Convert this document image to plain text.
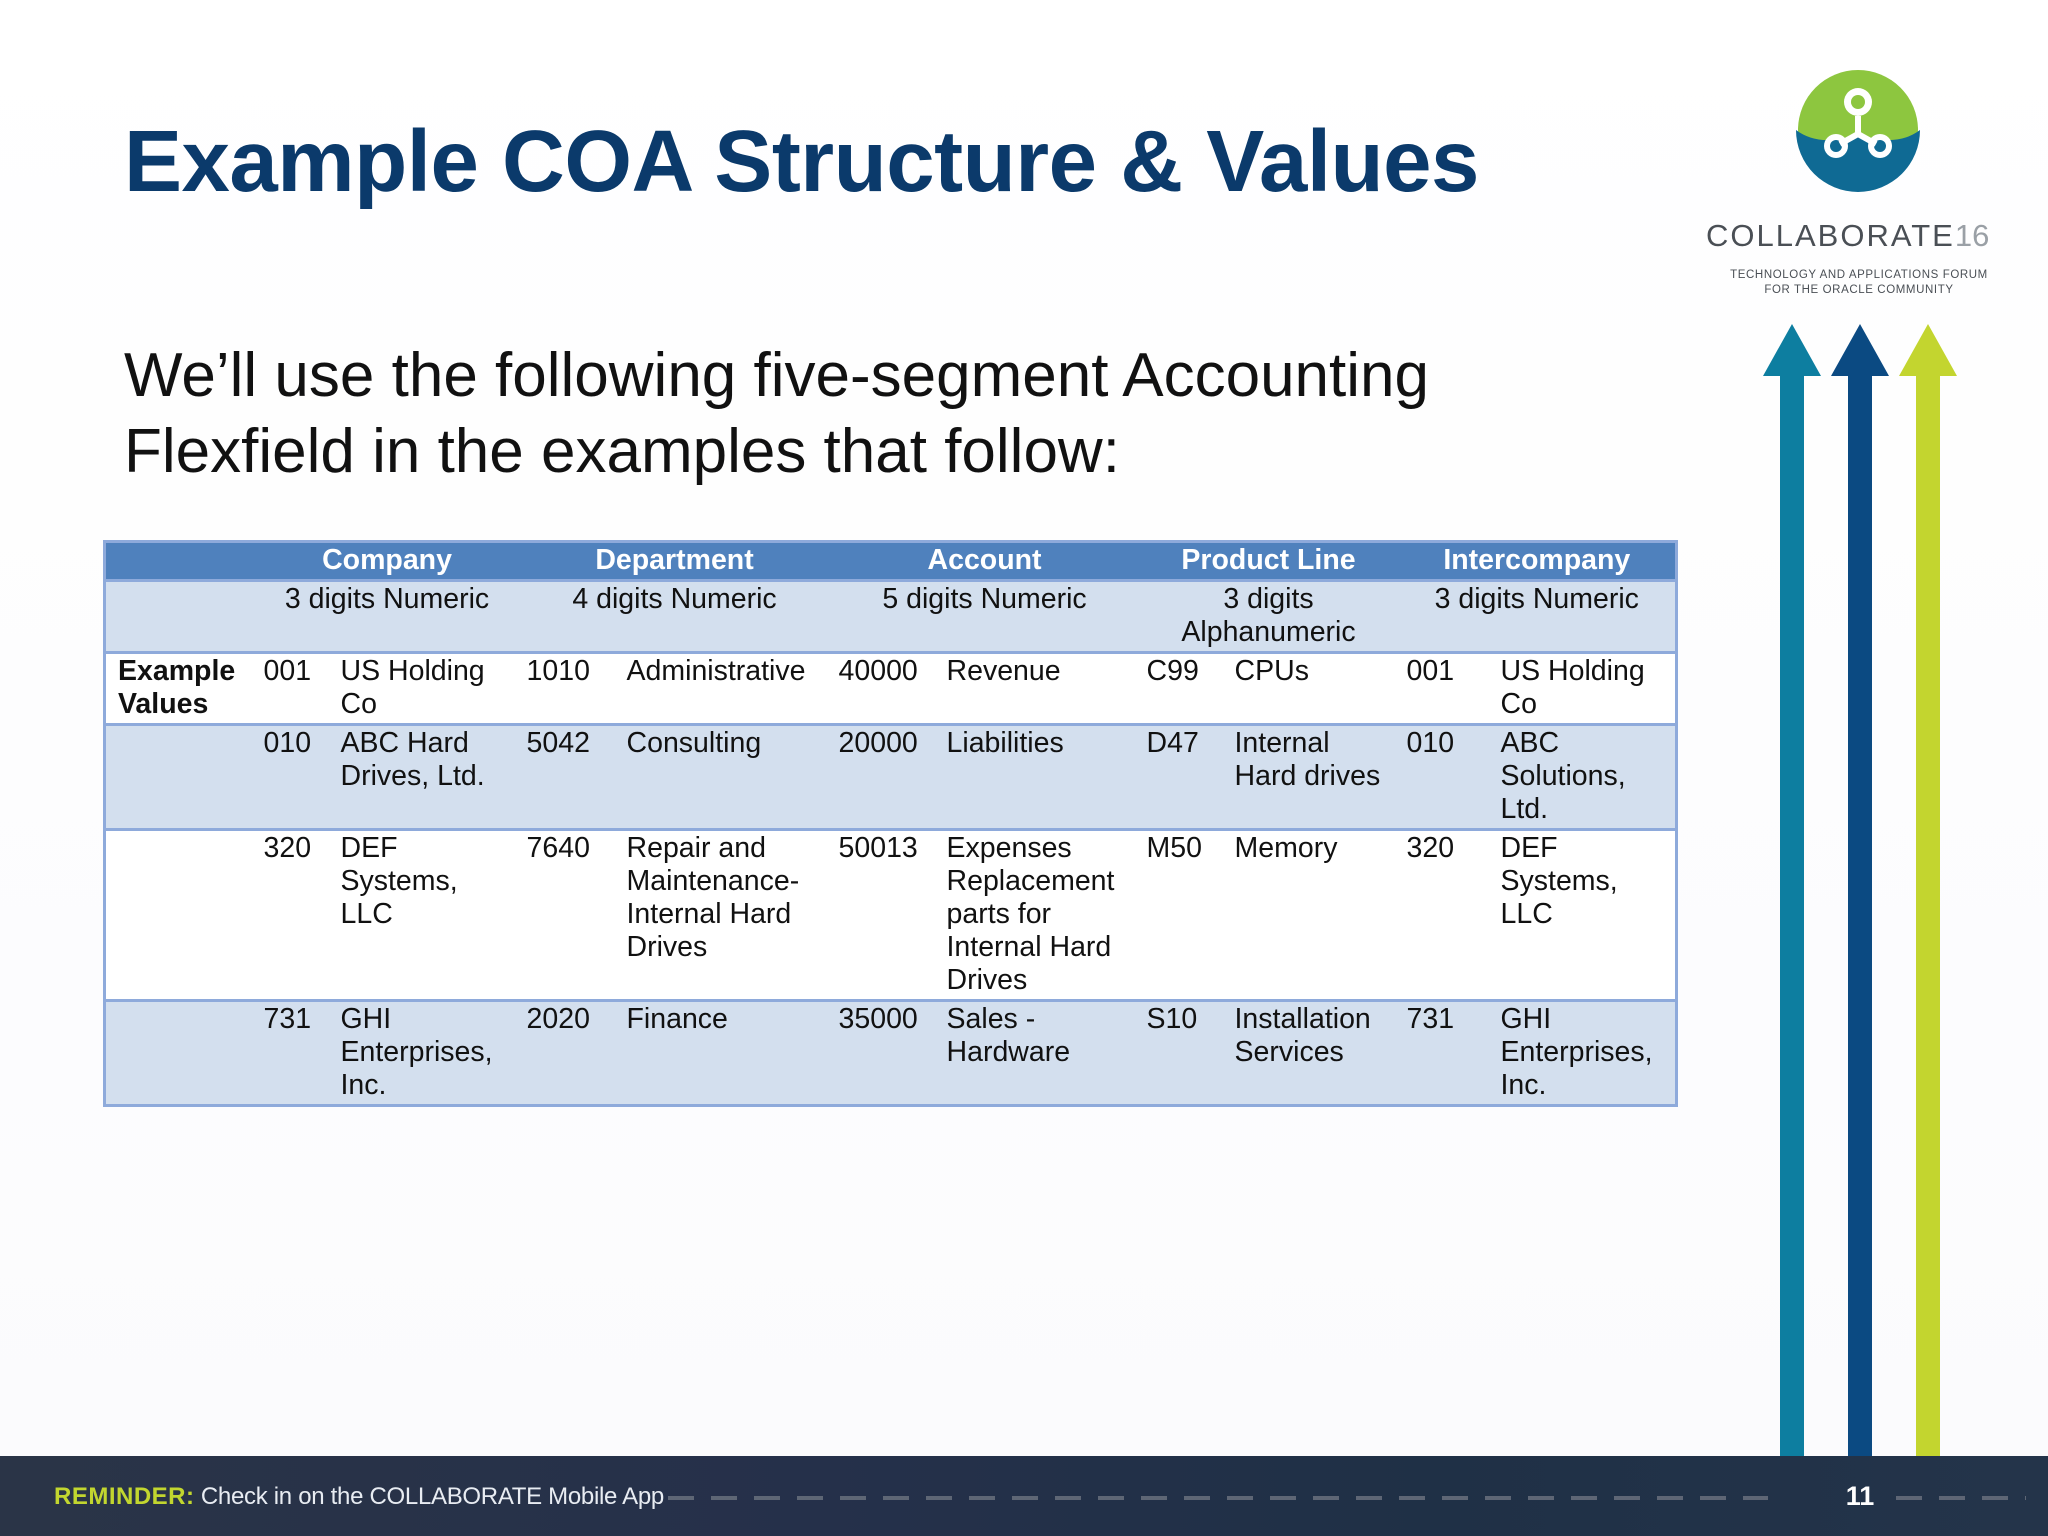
Example COA Structure & Values

We’ll use the following five-segment Accounting Flexfield in the examples that follow:

COLLABORATE16
TECHNOLOGY AND APPLICATIONS FORUM
FOR THE ORACLE COMMUNITY
	Company		Department		Account		Product Line		Intercompany	
	3 digits Numeric		4 digits Numeric		5 digits Numeric		3 digits Alphanumeric		3 digits Numeric	
Example Values	001	US Holding Co	1010	Administrative	40000	Revenue	C99	CPUs	001	US Holding Co
	010	ABC Hard Drives, Ltd.	5042	Consulting	20000	Liabilities	D47	Internal Hard drives	010	ABC Solutions, Ltd.
	320	DEF Systems, LLC	7640	Repair and Maintenance-Internal Hard Drives	50013	Expenses Replacement parts for Internal Hard Drives	M50	Memory	320	DEF Systems, LLC
	731	GHI Enterprises, Inc.	2020	Finance	35000	Sales - Hardware	S10	Installation Services	731	GHI Enterprises, Inc.
REMINDER: Check in on the COLLABORATE Mobile App	11
